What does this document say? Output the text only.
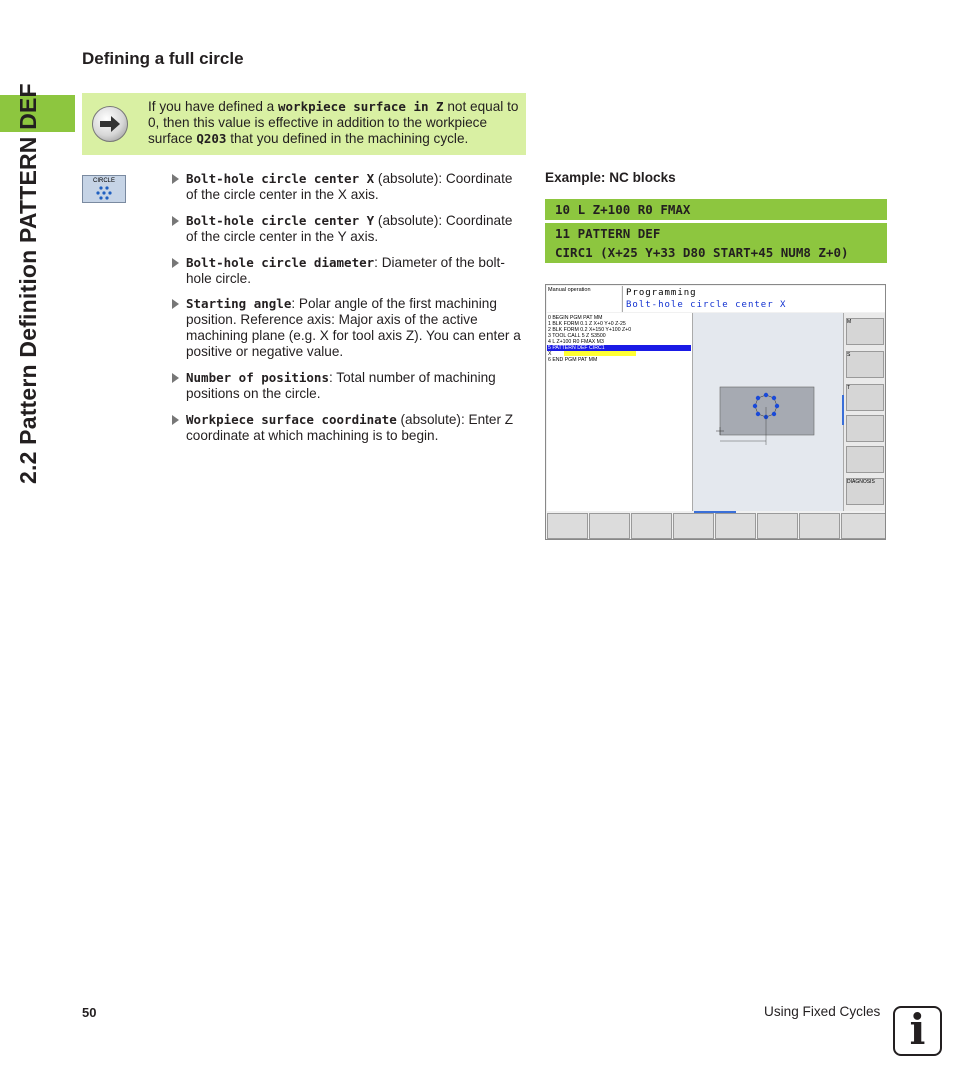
2.2 Pattern Definition PATTERN DEF
Defining a full circle
If you have defined a workpiece surface in Z not equal to 0, then this value is effective in addition to the workpiece surface Q203 that you defined in the machining cycle.
CIRCLE	Bolt-hole circle center X (absolute): Coordinate of the circle center in the X axis.
Bolt-hole circle center Y (absolute): Coordinate of the circle center in the Y axis.
Bolt-hole circle diameter: Diameter of the bolt-hole circle.
Starting angle: Polar angle of the first machining position. Reference axis: Major axis of the active machining plane (e.g. X for tool axis Z). You can enter a positive or negative value.
Number of positions: Total number of machining positions on the circle.
Workpiece surface coordinate (absolute): Enter Z coordinate at which machining is to begin.
Example: NC blocks
10 L Z+100 R0 FMAX
11 PATTERN DEF
CIRC1 (X+25 Y+33 D80 START+45 NUM8 Z+0)
Manual operation	Programming
Bolt-hole circle center X
0 BEGIN PGM PAT MM
1 BLK FORM 0.1 Z X+0 Y+0 Z-25
2 BLK FORM 0.2 X+150 Y+100 Z+0
3 TOOL CALL 5 Z S3500
4 L Z+100 R0 FMAX M3
5 PATTERN DEF CIRC1
X
6 END PGM PAT MM
M
S
T
DIAGNOSIS
50	Using Fixed Cycles i
